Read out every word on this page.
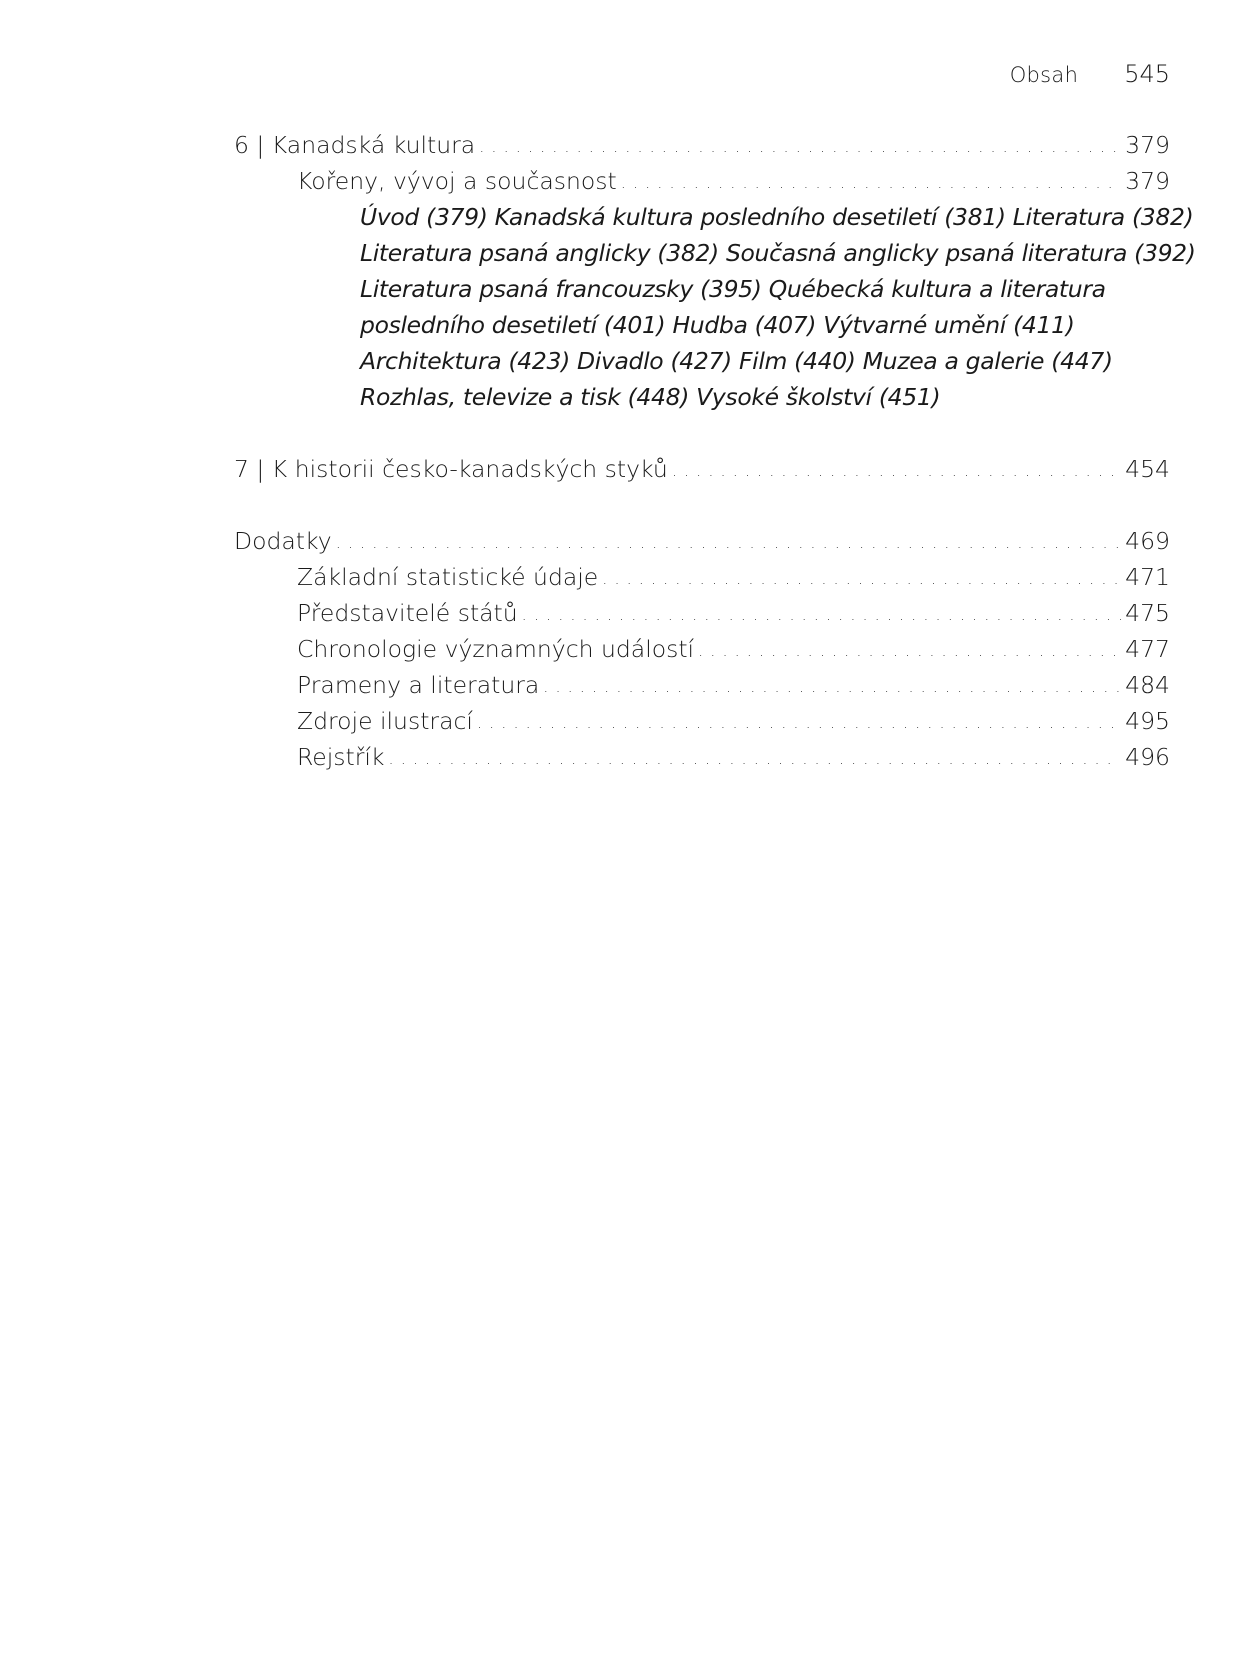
Obsah 545
6 | Kanadská kultura . . .	379
Kořeny, vývoj a současnost . . .	379
Úvod (379) Kanadská kultura posledního desetiletí (381) Literatura (382)
Literatura psaná anglicky (382) Současná anglicky psaná literatura (392)
Literatura psaná francouzsky (395) Québecká kultura a literatura
posledního desetiletí (401) Hudba (407) Výtvarné umění (411)
Architektura (423) Divadlo (427) Film (440) Muzea a galerie (447)
Rozhlas, televize a tisk (448) Vysoké školství (451)
7 | K historii česko-kanadských styků . . .	454
Dodatky . . .	469
Základní statistické údaje . . .	471
Představitelé států . . .	475
Chronologie významných událostí . . .	477
Prameny a literatura . . .	484
Zdroje ilustrací . . .	495
Rejstřík . . .	496
